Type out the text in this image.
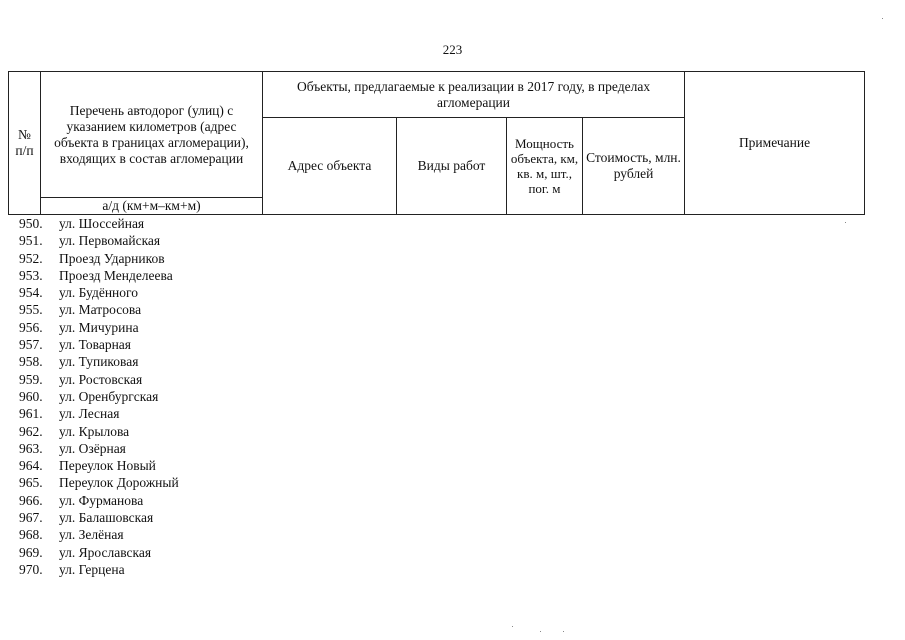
223
№ п/п	Перечень автодорог (улиц) с указанием километров (адрес объекта в границах агломерации), входящих в состав агломерации	Объекты, предлагаемые к реализации в 2017 году, в пределах агломерации				Примечание
		Адрес объекта	Виды работ	Мощность объекта, км, кв. м, шт., пог. м	Стоимость, млн. рублей	
	а/д (км+м–км+м)					
950. ул. Шоссейная
951. ул. Первомайская
952. Проезд Ударников
953. Проезд Менделеева
954. ул. Будённого
955. ул. Матросова
956. ул. Мичурина
957. ул. Товарная
958. ул. Тупиковая
959. ул. Ростовская
960. ул. Оренбургская
961. ул. Лесная
962. ул. Крылова
963. ул. Озёрная
964. Переулок Новый
965. Переулок Дорожный
966. ул. Фурманова
967. ул. Балашовская
968. ул. Зелёная
969. ул. Ярославская
970. ул. Герцена
